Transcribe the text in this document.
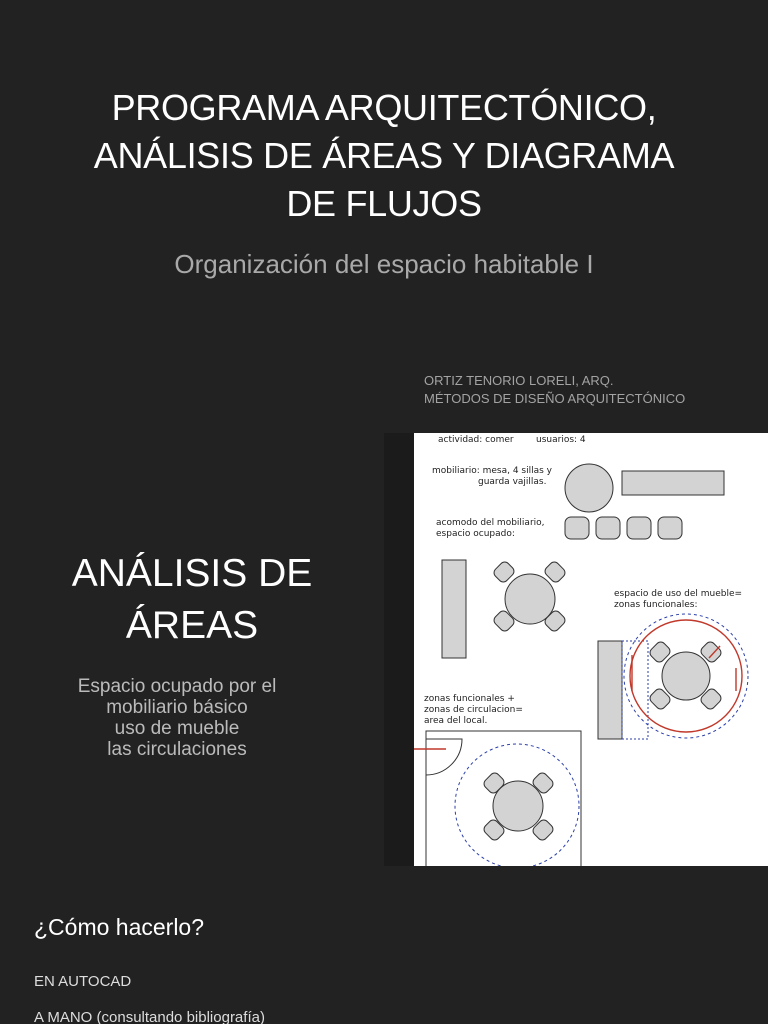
PROGRAMA ARQUITECTÓNICO,
ANÁLISIS DE ÁREAS Y DIAGRAMA
DE FLUJOS
Organización del espacio habitable I
ORTIZ TENORIO LORELI, ARQ.
MÉTODOS DE DISEÑO ARQUITECTÓNICO
ANÁLISIS DE
ÁREAS
Espacio ocupado por el
mobiliario básico
uso de mueble
las circulaciones
actividad: comer usuarios: 4
mobiliario: mesa, 4 sillas y
guarda vajillas.
acomodo del mobiliario,
espacio ocupado:
espacio de uso del mueble=
zonas funcionales:
zonas funcionales +
zonas de circulacion=
area del local.
¿Cómo hacerlo?
EN AUTOCAD
A MANO (consultando bibliografía)
